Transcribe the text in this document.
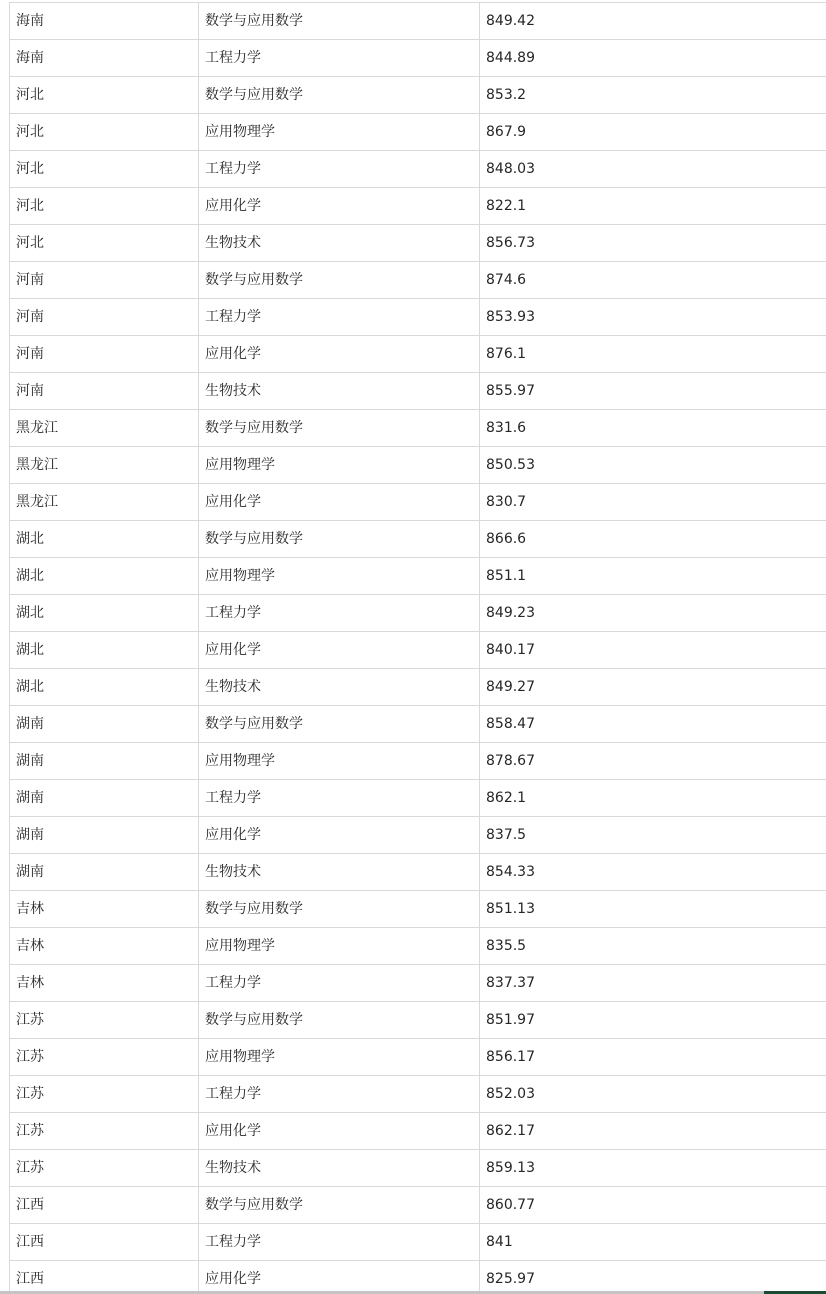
海南	数学与应用数学	849.42
海南	工程力学	844.89
河北	数学与应用数学	853.2
河北	应用物理学	867.9
河北	工程力学	848.03
河北	应用化学	822.1
河北	生物技术	856.73
河南	数学与应用数学	874.6
河南	工程力学	853.93
河南	应用化学	876.1
河南	生物技术	855.97
黑龙江	数学与应用数学	831.6
黑龙江	应用物理学	850.53
黑龙江	应用化学	830.7
湖北	数学与应用数学	866.6
湖北	应用物理学	851.1
湖北	工程力学	849.23
湖北	应用化学	840.17
湖北	生物技术	849.27
湖南	数学与应用数学	858.47
湖南	应用物理学	878.67
湖南	工程力学	862.1
湖南	应用化学	837.5
湖南	生物技术	854.33
吉林	数学与应用数学	851.13
吉林	应用物理学	835.5
吉林	工程力学	837.37
江苏	数学与应用数学	851.97
江苏	应用物理学	856.17
江苏	工程力学	852.03
江苏	应用化学	862.17
江苏	生物技术	859.13
江西	数学与应用数学	860.77
江西	工程力学	841
江西	应用化学	825.97
